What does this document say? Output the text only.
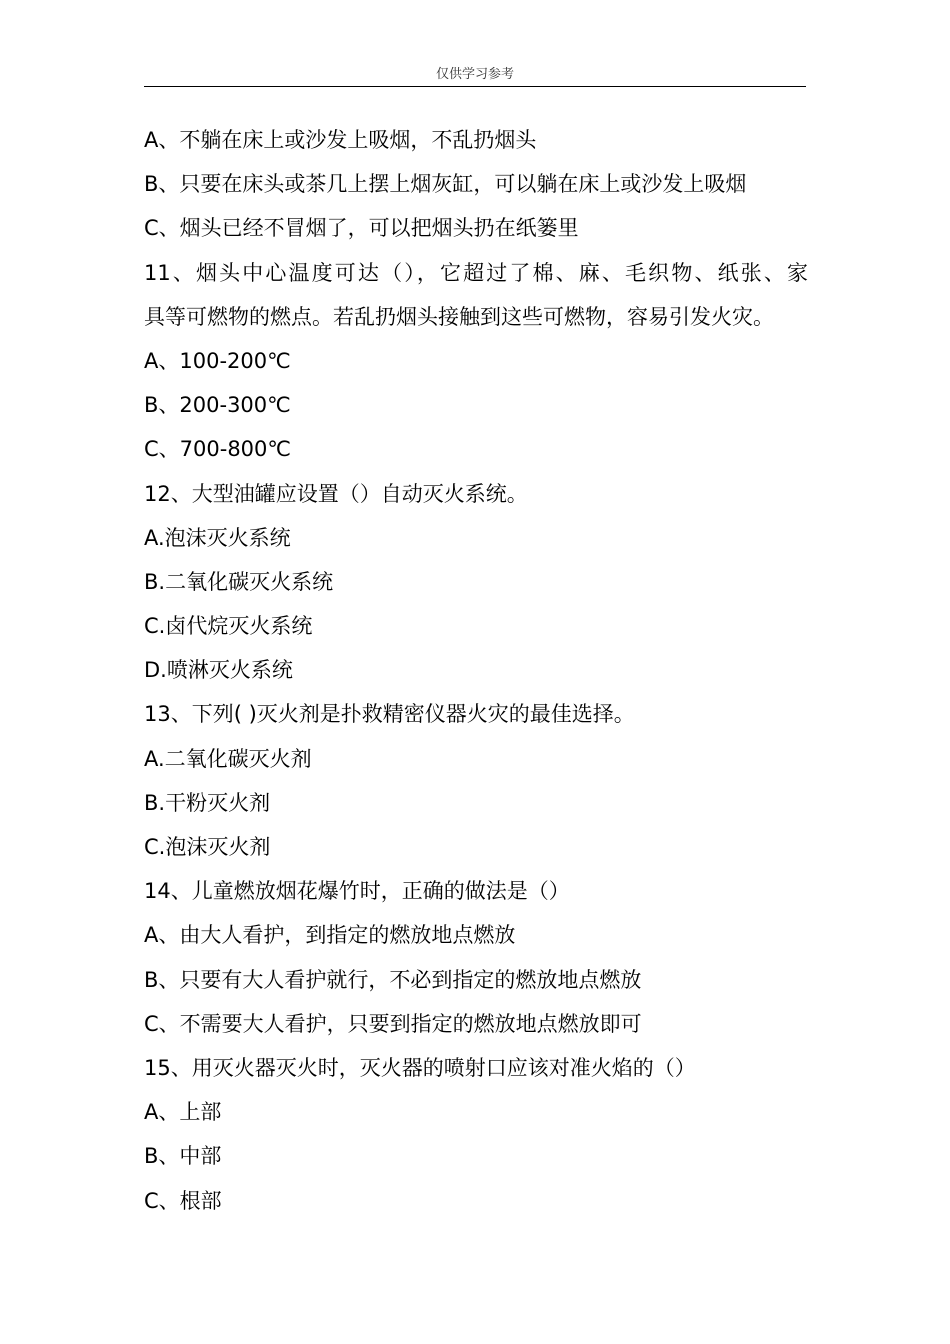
仅供学习参考
A、不躺在床上或沙发上吸烟，不乱扔烟头
B、只要在床头或茶几上摆上烟灰缸，可以躺在床上或沙发上吸烟
C、烟头已经不冒烟了，可以把烟头扔在纸篓里
11、烟头中心温度可达（），它超过了棉、麻、毛织物、纸张、家
具等可燃物的燃点。若乱扔烟头接触到这些可燃物，容易引发火灾。
A、100-200℃
B、200-300℃
C、700-800℃
12、大型油罐应设置（）自动灭火系统。
A.泡沫灭火系统
B.二氧化碳灭火系统
C.卤代烷灭火系统
D.喷淋灭火系统
13、下列( )灭火剂是扑救精密仪器火灾的最佳选择。
A.二氧化碳灭火剂
B.干粉灭火剂
C.泡沫灭火剂
14、儿童燃放烟花爆竹时，正确的做法是（）
A、由大人看护，到指定的燃放地点燃放
B、只要有大人看护就行，不必到指定的燃放地点燃放
C、不需要大人看护，只要到指定的燃放地点燃放即可
15、用灭火器灭火时，灭火器的喷射口应该对准火焰的（）
A、上部
B、中部
C、根部
